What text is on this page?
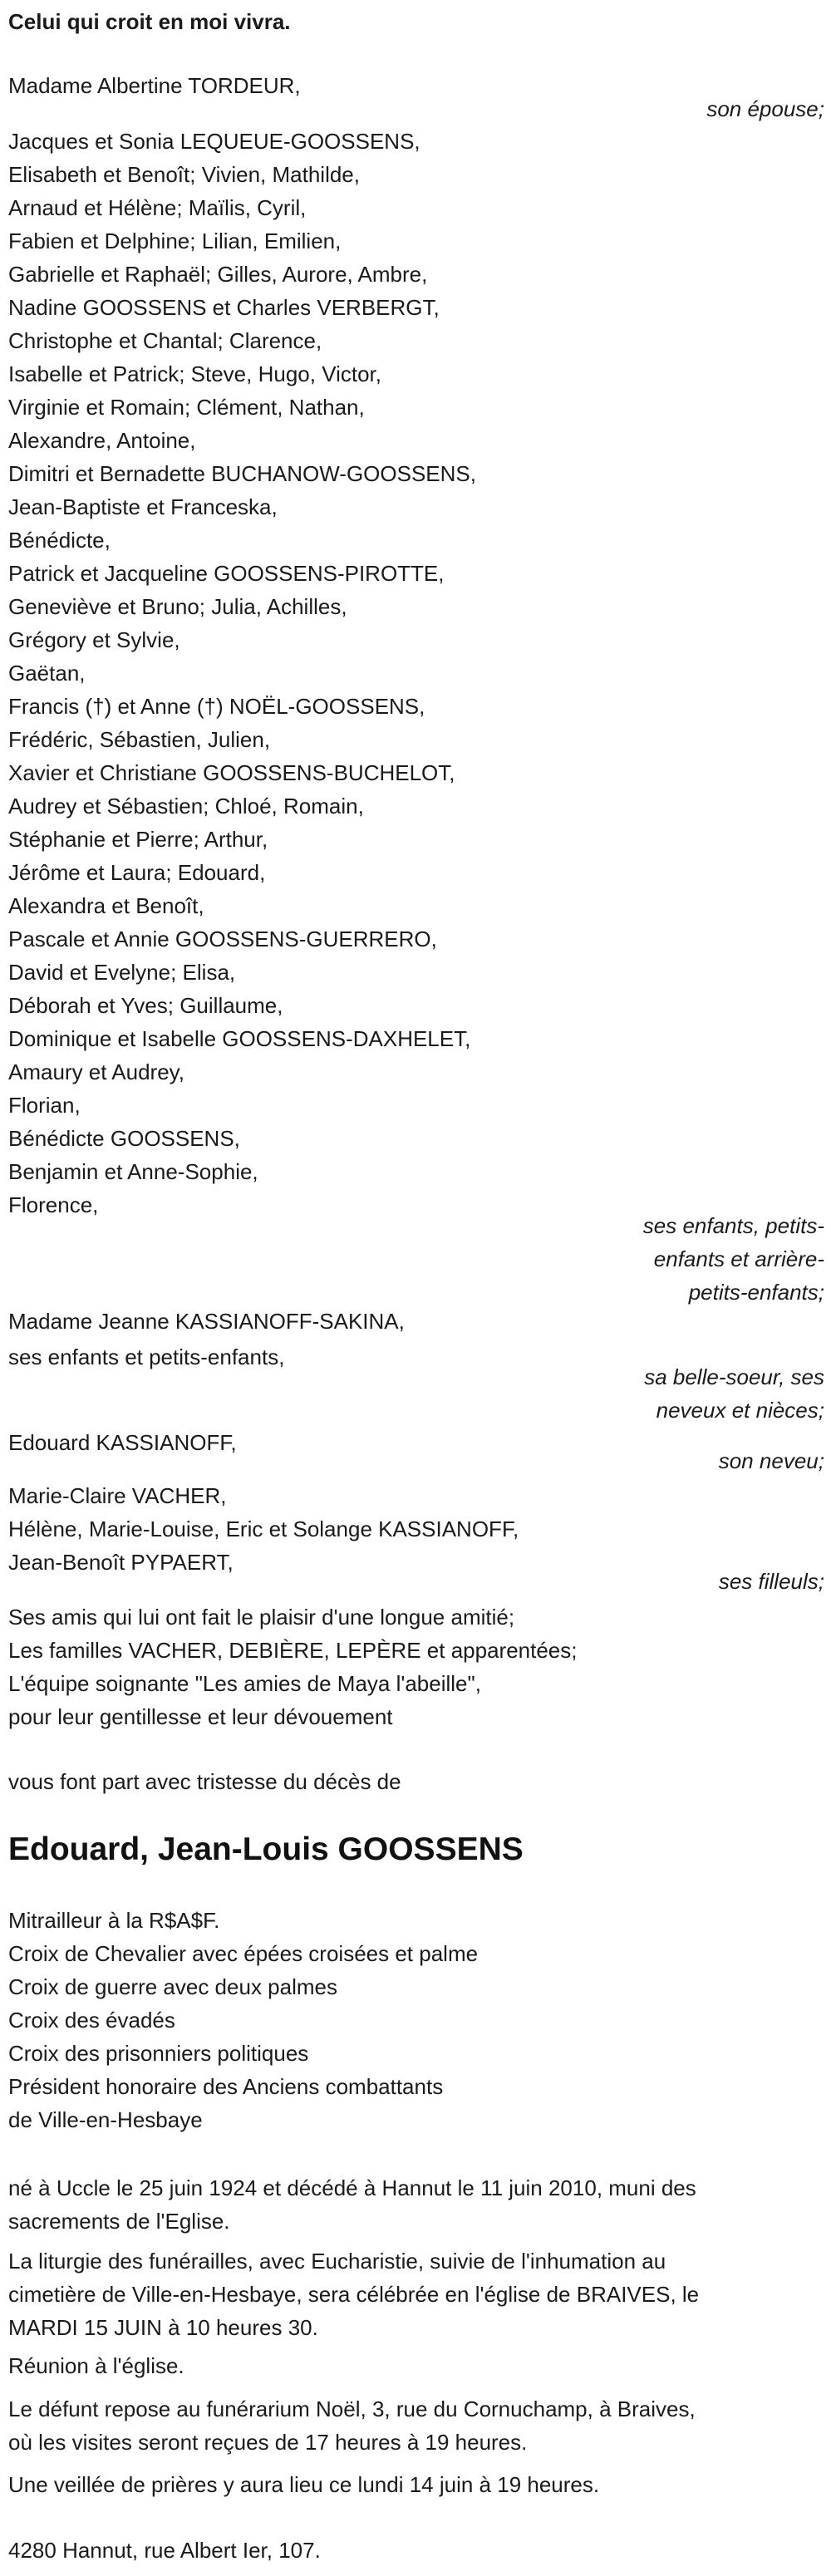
Celui qui croit en moi vivra.
Madame Albertine TORDEUR,
son épouse;
Jacques et Sonia LEQUEUE-GOOSSENS,
Elisabeth et Benoît; Vivien, Mathilde,
Arnaud et Hélène; Maïlis, Cyril,
Fabien et Delphine; Lilian, Emilien,
Gabrielle et Raphaël; Gilles, Aurore, Ambre,
Nadine GOOSSENS et Charles VERBERGT,
Christophe et Chantal; Clarence,
Isabelle et Patrick; Steve, Hugo, Victor,
Virginie et Romain; Clément, Nathan,
Alexandre, Antoine,
Dimitri et Bernadette BUCHANOW-GOOSSENS,
Jean-Baptiste et Franceska,
Bénédicte,
Patrick et Jacqueline GOOSSENS-PIROTTE,
Geneviève et Bruno; Julia, Achilles,
Grégory et Sylvie,
Gaëtan,
Francis (†) et Anne (†) NOËL-GOOSSENS,
Frédéric, Sébastien, Julien,
Xavier et Christiane GOOSSENS-BUCHELOT,
Audrey et Sébastien; Chloé, Romain,
Stéphanie et Pierre; Arthur,
Jérôme et Laura; Edouard,
Alexandra et Benoît,
Pascale et Annie GOOSSENS-GUERRERO,
David et Evelyne; Elisa,
Déborah et Yves; Guillaume,
Dominique et Isabelle GOOSSENS-DAXHELET,
Amaury et Audrey,
Florian,
Bénédicte GOOSSENS,
Benjamin et Anne-Sophie,
Florence,
ses enfants, petits-
enfants et arrière-
petits-enfants;
Madame Jeanne KASSIANOFF-SAKINA,
ses enfants et petits-enfants,
sa belle-soeur, ses
neveux et nièces;
Edouard KASSIANOFF,
son neveu;
Marie-Claire VACHER,
Hélène, Marie-Louise, Eric et Solange KASSIANOFF,
Jean-Benoît PYPAERT,
ses filleuls;
Ses amis qui lui ont fait le plaisir d'une longue amitié;
Les familles VACHER, DEBIÈRE, LEPÈRE et apparentées;
L'équipe soignante "Les amies de Maya l'abeille",
pour leur gentillesse et leur dévouement
vous font part avec tristesse du décès de
Edouard, Jean-Louis GOOSSENS
Mitrailleur à la R$A$F.
Croix de Chevalier avec épées croisées et palme
Croix de guerre avec deux palmes
Croix des évadés
Croix des prisonniers politiques
Président honoraire des Anciens combattants
de Ville-en-Hesbaye
né à Uccle le 25 juin 1924 et décédé à Hannut le 11 juin 2010, muni des
sacrements de l'Eglise.
La liturgie des funérailles, avec Eucharistie, suivie de l'inhumation au
cimetière de Ville-en-Hesbaye, sera célébrée en l'église de BRAIVES, le
MARDI 15 JUIN à 10 heures 30.
Réunion à l'église.
Le défunt repose au funérarium Noël, 3, rue du Cornuchamp, à Braives,
où les visites seront reçues de 17 heures à 19 heures.
Une veillée de prières y aura lieu ce lundi 14 juin à 19 heures.
4280 Hannut, rue Albert Ier, 107.
